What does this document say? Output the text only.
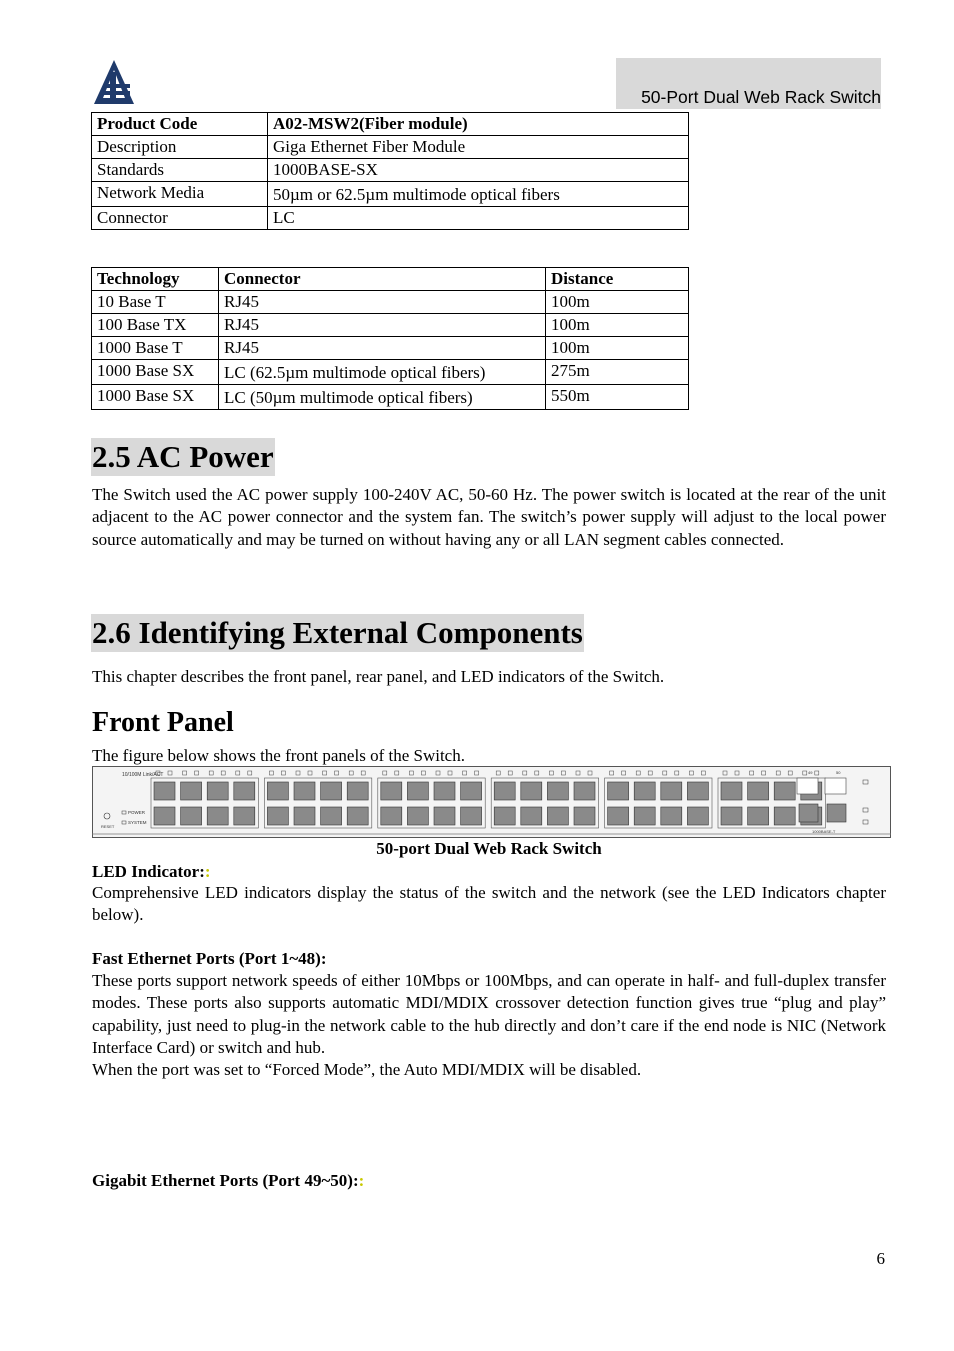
50-Port Dual Web Rack Switch
Product Code	A02-MSW2(Fiber module)
Description	Giga Ethernet Fiber Module
Standards	1000BASE-SX
Network Media	50µm or 62.5µm multimode optical fibers
Connector	LC
Technology	Connector	Distance
10 Base T	RJ45	100m
100 Base TX	RJ45	100m
1000 Base T	RJ45	100m
1000 Base SX	LC (62.5µm multimode optical fibers)	275m
1000 Base SX	LC (50µm multimode optical fibers)	550m
2.5 AC Power
The Switch used the AC power supply 100-240V AC, 50-60 Hz. The power switch is located at the rear of the unit adjacent to the AC power connector and the system fan. The switch’s power supply will adjust to the local power source automatically and may be turned on without having any or all LAN segment cables connected.
2.6 Identifying External Components
This chapter describes the front panel, rear panel, and LED indicators of the Switch.
Front Panel
The figure below shows the front panels of the Switch.
10/100M Link/ACT
RESET
POWER
SYSTEM
49	50
1000BASE-T
50-port Dual Web Rack Switch
LED Indicator::
Comprehensive LED indicators display the status of the switch and the network (see the LED Indicators chapter below).
Fast Ethernet Ports (Port 1~48):
These ports support network speeds of either 10Mbps or 100Mbps, and can operate in half- and full-duplex transfer modes. These ports also supports automatic MDI/MDIX crossover detection function gives true “plug and play” capability, just need to plug-in the network cable to the hub directly and don’t care if the end node is NIC (Network Interface Card) or switch and hub.
When the port was set to “Forced Mode”, the Auto MDI/MDIX will be disabled.
Gigabit Ethernet Ports (Port 49~50)::
6
